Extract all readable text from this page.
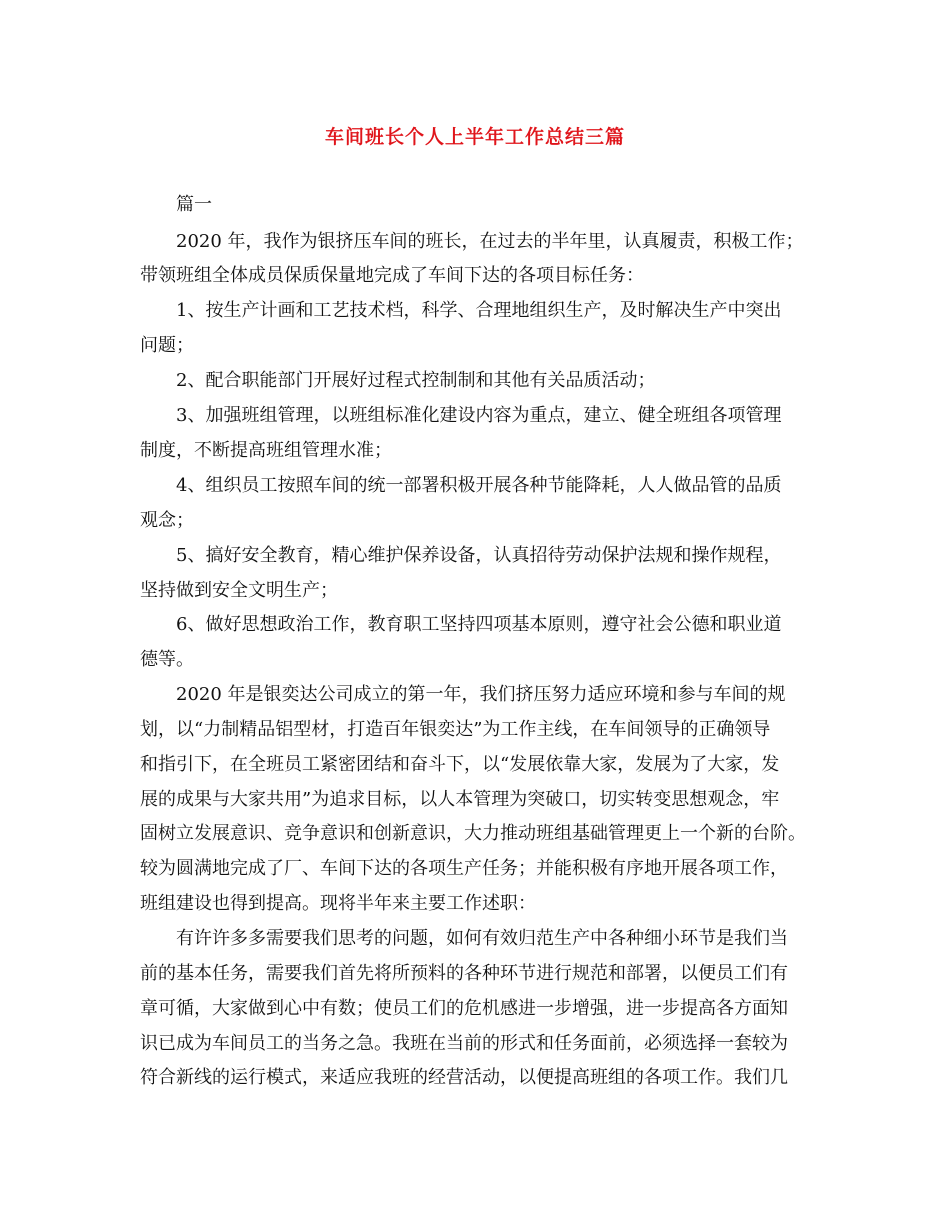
车间班长个人上半年工作总结三篇
篇一
2020 年，我作为银挤压车间的班长，在过去的半年里，认真履责，积极工作；
带领班组全体成员保质保量地完成了车间下达的各项目标任务：
1、按生产计画和工艺技术档，科学、合理地组织生产，及时解决生产中突出
问题；
2、配合职能部门开展好过程式控制制和其他有关品质活动；
3、加强班组管理，以班组标准化建设内容为重点，建立、健全班组各项管理
制度，不断提高班组管理水准；
4、组织员工按照车间的统一部署积极开展各种节能降耗，人人做品管的品质
观念；
5、搞好安全教育，精心维护保养设备，认真招待劳动保护法规和操作规程，
坚持做到安全文明生产；
6、做好思想政治工作，教育职工坚持四项基本原则，遵守社会公德和职业道
德等。
2020 年是银奕达公司成立的第一年，我们挤压努力适应环境和参与车间的规
划，以“力制精品铝型材，打造百年银奕达”为工作主线，在车间领导的正确领导
和指引下，在全班员工紧密团结和奋斗下，以“发展依靠大家，发展为了大家，发
展的成果与大家共用”为追求目标，以人本管理为突破口，切实转变思想观念，牢
固树立发展意识、竞争意识和创新意识，大力推动班组基础管理更上一个新的台阶。
较为圆满地完成了厂、车间下达的各项生产任务；并能积极有序地开展各项工作，
班组建设也得到提高。现将半年来主要工作述职：
有许许多多需要我们思考的问题，如何有效归范生产中各种细小环节是我们当
前的基本任务，需要我们首先将所预料的各种环节进行规范和部署，以便员工们有
章可循，大家做到心中有数；使员工们的危机感进一步增强，进一步提高各方面知
识已成为车间员工的当务之急。我班在当前的形式和任务面前，必须选择一套较为
符合新线的运行模式，来适应我班的经营活动，以便提高班组的各项工作。我们几
